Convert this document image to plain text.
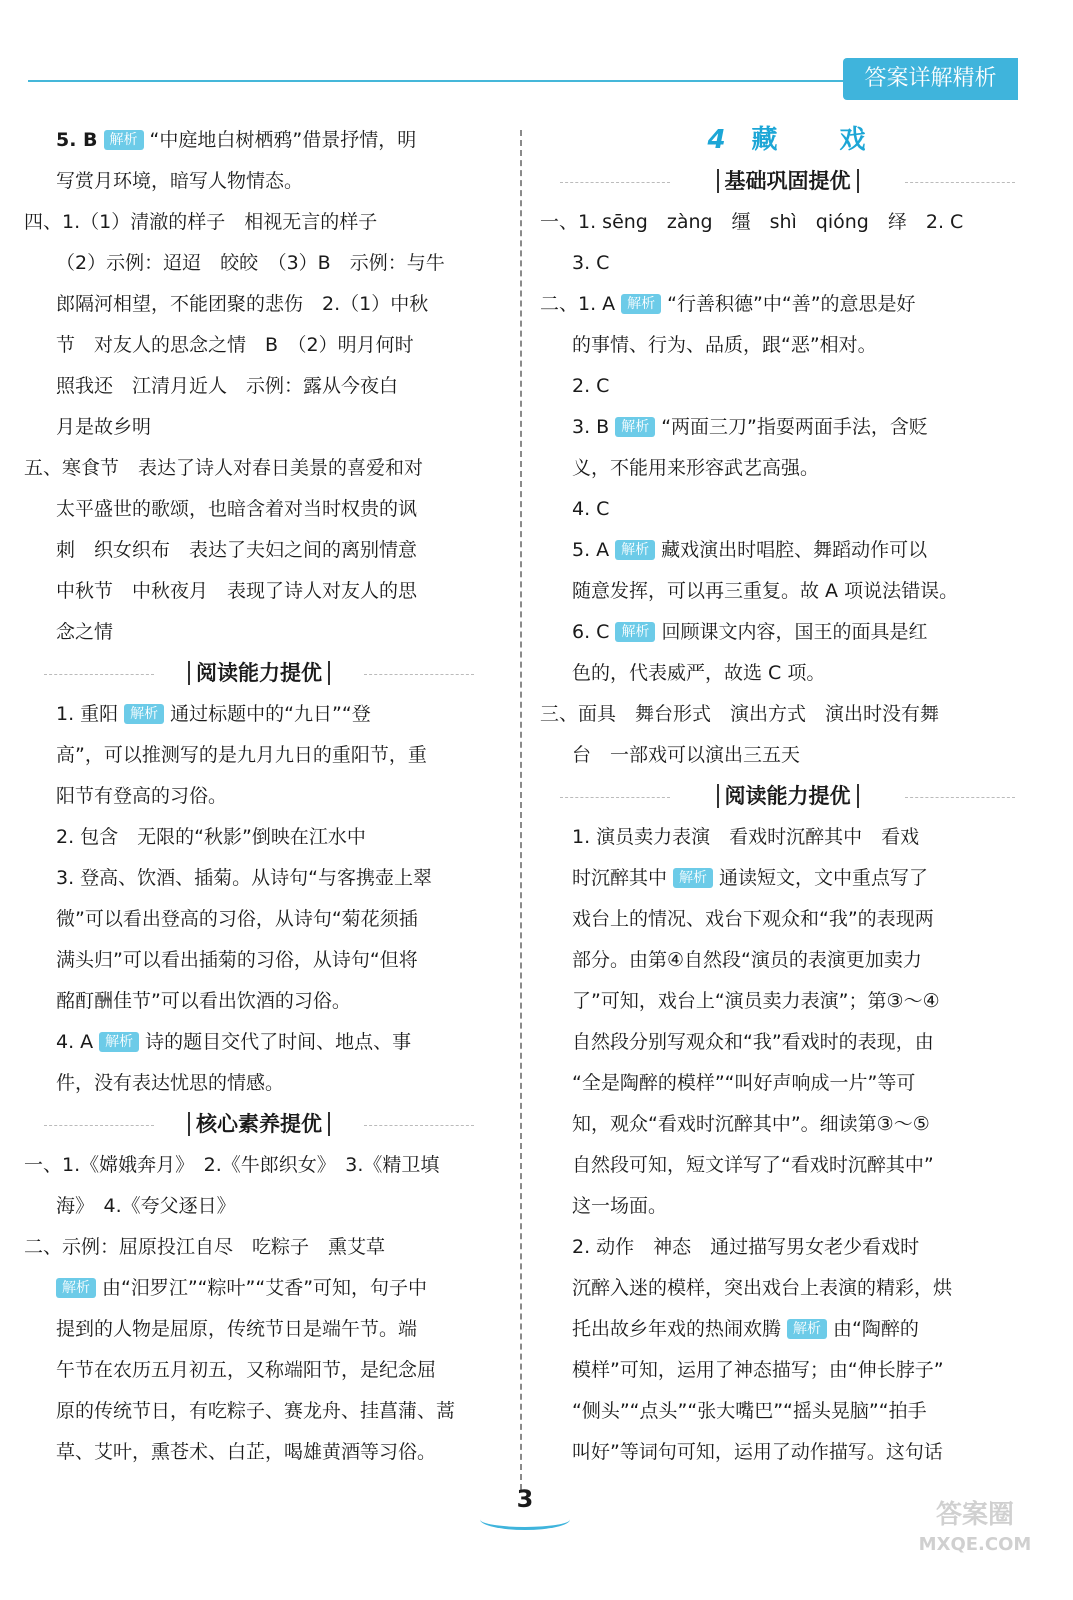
答案详解精析
5. B 解析 “中庭地白树栖鸦”借景抒情，明
写赏月环境，暗写人物情态。
四、1.（1）清澈的样子　相视无言的样子
（2）示例：迢迢　皎皎　（3）B　示例：与牛
郎隔河相望，不能团聚的悲伤　2.（1）中秋
节　对友人的思念之情　B　（2）明月何时
照我还　江清月近人　示例：露从今夜白
月是故乡明
五、寒食节　表达了诗人对春日美景的喜爱和对
太平盛世的歌颂，也暗含着对当时权贵的讽
刺　织女织布　表达了夫妇之间的离别情意
中秋节　中秋夜月　表现了诗人对友人的思
念之情
阅读能力提优
1. 重阳 解析 通过标题中的“九日”“登
高”，可以推测写的是九月九日的重阳节，重
阳节有登高的习俗。
2. 包含　无限的“秋影”倒映在江水中
3. 登高、饮酒、插菊。从诗句“与客携壶上翠
微”可以看出登高的习俗，从诗句“菊花须插
满头归”可以看出插菊的习俗，从诗句“但将
酩酊酬佳节”可以看出饮酒的习俗。
4. A 解析 诗的题目交代了时间、地点、事
件，没有表达忧思的情感。
核心素养提优
一、1.《嫦娥奔月》　2.《牛郎织女》　3.《精卫填
海》　4.《夸父逐日》
二、示例：屈原投江自尽　吃粽子　熏艾草
解析 由“汨罗江”“粽叶”“艾香”可知，句子中
提到的人物是屈原，传统节日是端午节。端
午节在农历五月初五，又称端阳节，是纪念屈
原的传统节日，有吃粽子、赛龙舟、挂菖蒲、蒿
草、艾叶，熏苍术、白芷，喝雄黄酒等习俗。
4 藏 戏
基础巩固提优
一、1. sēng　zàng　缰　shì　qióng　绎　2. C
3. C
二、1. A 解析 “行善积德”中“善”的意思是好
的事情、行为、品质，跟“恶”相对。
2. C
3. B 解析 “两面三刀”指耍两面手法，含贬
义，不能用来形容武艺高强。
4. C
5. A 解析 藏戏演出时唱腔、舞蹈动作可以
随意发挥，可以再三重复。故 A 项说法错误。
6. C 解析 回顾课文内容，国王的面具是红
色的，代表威严，故选 C 项。
三、面具　舞台形式　演出方式　演出时没有舞
台　一部戏可以演出三五天
阅读能力提优
1. 演员卖力表演　看戏时沉醉其中　看戏
时沉醉其中 解析 通读短文，文中重点写了
戏台上的情况、戏台下观众和“我”的表现两
部分。由第④自然段“演员的表演更加卖力
了”可知，戏台上“演员卖力表演”；第③～④
自然段分别写观众和“我”看戏时的表现，由
“全是陶醉的模样”“叫好声响成一片”等可
知，观众“看戏时沉醉其中”。细读第③～⑤
自然段可知，短文详写了“看戏时沉醉其中”
这一场面。
2. 动作　神态　通过描写男女老少看戏时
沉醉入迷的模样，突出戏台上表演的精彩，烘
托出故乡年戏的热闹欢腾 解析 由“陶醉的
模样”可知，运用了神态描写；由“伸长脖子”
“侧头”“点头”“张大嘴巴”“摇头晃脑”“拍手
叫好”等词句可知，运用了动作描写。这句话
3
答案圈
MXQE.COM
